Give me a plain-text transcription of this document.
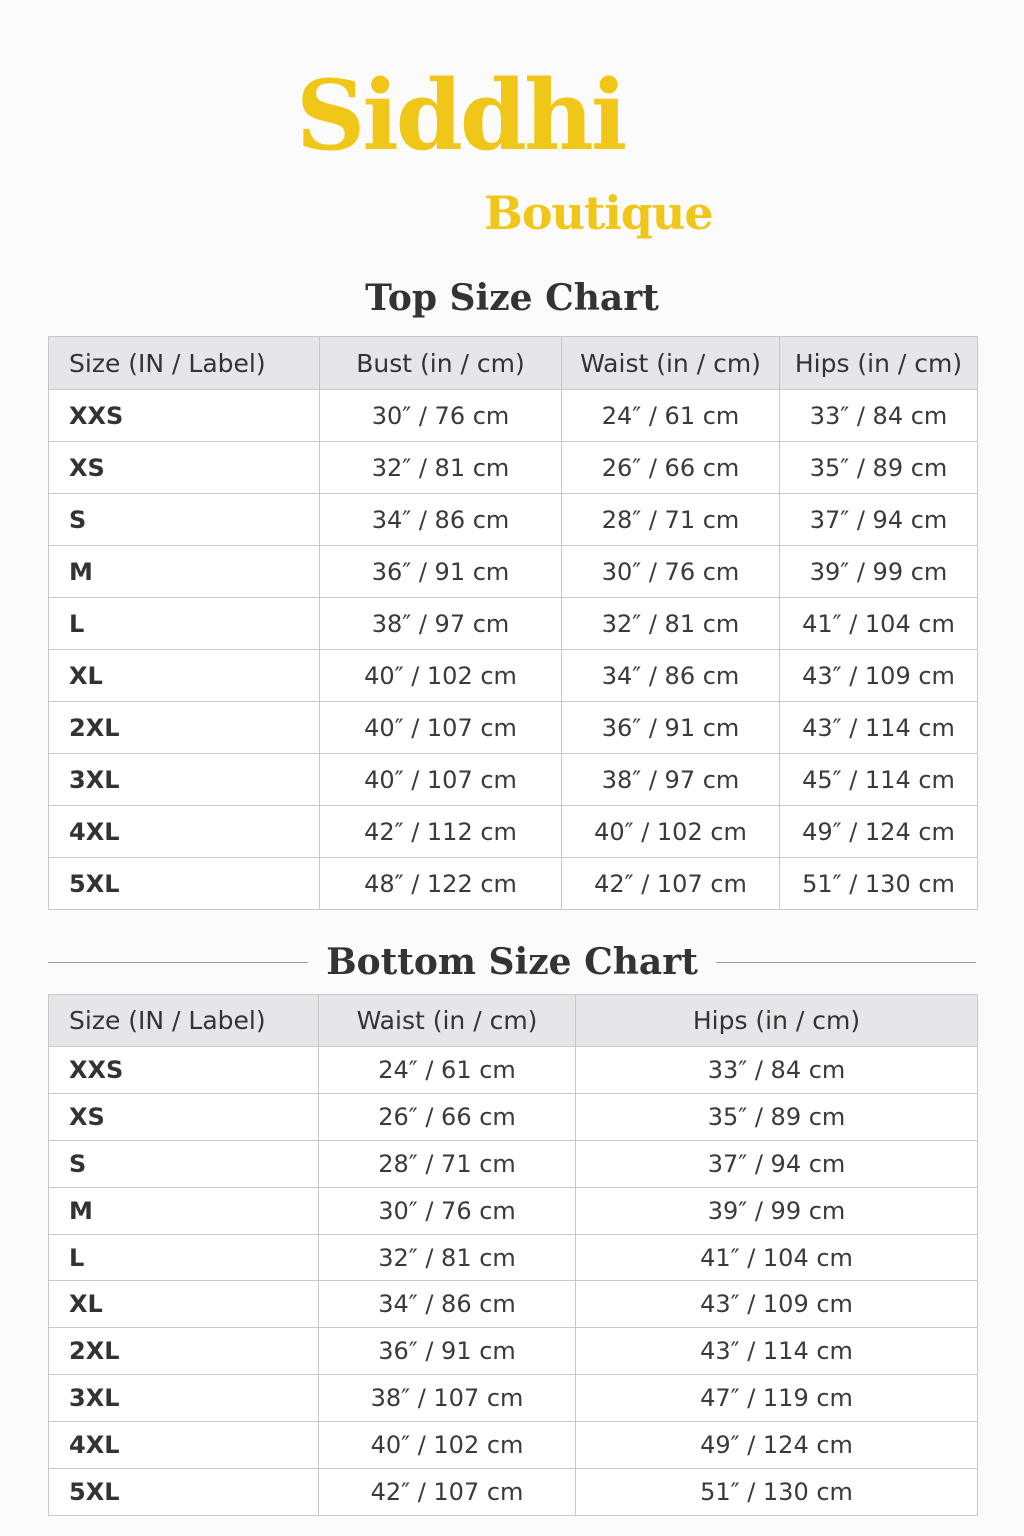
Siddhi
Boutique
Top Size Chart
Size (IN / Label)	Bust (in / cm)	Waist (in / cm)	Hips (in / cm)
XXS	30″ / 76 cm	24″ / 61 cm	33″ / 84 cm
XS	32″ / 81 cm	26″ / 66 cm	35″ / 89 cm
S	34″ / 86 cm	28″ / 71 cm	37″ / 94 cm
M	36″ / 91 cm	30″ / 76 cm	39″ / 99 cm
L	38″ / 97 cm	32″ / 81 cm	41″ / 104 cm
XL	40″ / 102 cm	34″ / 86 cm	43″ / 109 cm
2XL	40″ / 107 cm	36″ / 91 cm	43″ / 114 cm
3XL	40″ / 107 cm	38″ / 97 cm	45″ / 114 cm
4XL	42″ / 112 cm	40″ / 102 cm	49″ / 124 cm
5XL	48″ / 122 cm	42″ / 107 cm	51″ / 130 cm
Bottom Size Chart
Size (IN / Label)	Waist (in / cm)	Hips (in / cm)
XXS	24″ / 61 cm	33″ / 84 cm
XS	26″ / 66 cm	35″ / 89 cm
S	28″ / 71 cm	37″ / 94 cm
M	30″ / 76 cm	39″ / 99 cm
L	32″ / 81 cm	41″ / 104 cm
XL	34″ / 86 cm	43″ / 109 cm
2XL	36″ / 91 cm	43″ / 114 cm
3XL	38″ / 107 cm	47″ / 119 cm
4XL	40″ / 102 cm	49″ / 124 cm
5XL	42″ / 107 cm	51″ / 130 cm
